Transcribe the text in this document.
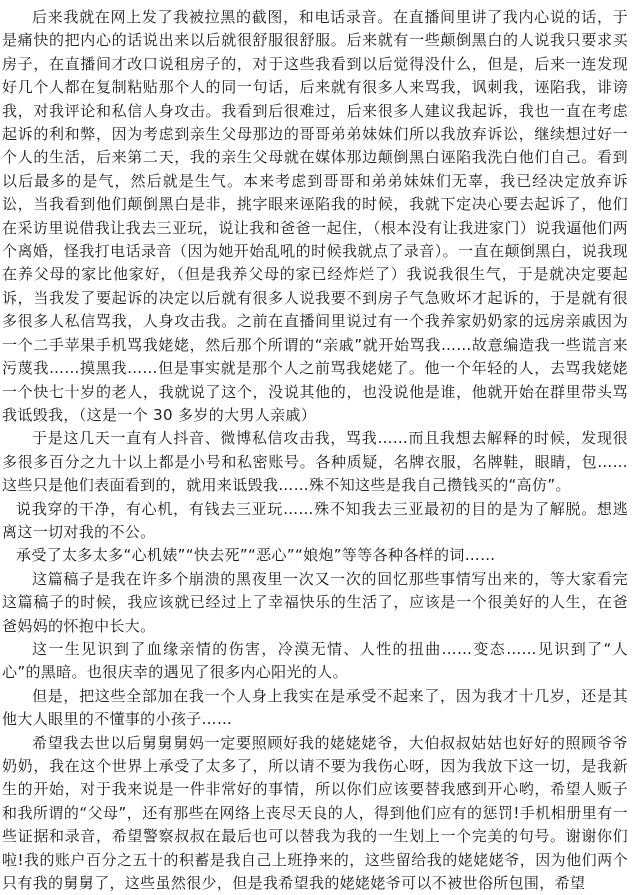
后来我就在网上发了我被拉黑的截图，和电话录音。在直播间里讲了我内心说的话，于是痛快的把内心的话说出来以后就很舒服很舒服。后来就有一些颠倒黑白的人说我只要求买房子，在直播间才改口说租房子的，对于这些我看到以后觉得没什么，但是，后来一连发现好几个人都在复制粘贴那个人的同一句话，后来就有很多人来骂我，讽刺我，诬陷我，诽谤我，对我评论和私信人身攻击。我看到后很难过，后来很多人建议我起诉，我也一直在考虑起诉的利和弊，因为考虑到亲生父母那边的哥哥弟弟妹妹们所以我放弃诉讼，继续想过好一个人的生活，后来第二天，我的亲生父母就在媒体那边颠倒黑白诬陷我洗白他们自己。看到以后最多的是气，然后就是生气。本来考虑到哥哥和弟弟妹妹们无辜，我已经决定放弃诉讼，当我看到他们颠倒黑白是非，挑字眼来诬陷我的时候，我就下定决心要去起诉了，他们在采访里说借我让我去三亚玩，说让我和爸爸一起住，（根本没有让我进家门）说我逼他们两个离婚，怪我打电话录音（因为她开始乱吼的时候我就点了录音）。一直在颠倒黑白，说我现在养父母的家比他家好，（但是我养父母的家已经炸烂了）我说我很生气，于是就决定要起诉，当我发了要起诉的决定以后就有很多人说我要不到房子气急败坏才起诉的，于是就有很多很多人私信骂我，人身攻击我。之前在直播间里说过有一个我养家奶奶家的远房亲戚因为一个二手苹果手机骂我姥姥，然后那个所谓的“亲戚”就开始骂我……故意编造我一些谎言来污蔑我……摸黑我……但是事实就是那个人之前骂我姥姥了。他一个年轻的人，去骂我姥姥一个快七十岁的老人，我就说了这个，没说其他的，也没说他是谁，他就开始在群里带头骂我诋毁我，（这是一个 30 多岁的大男人亲戚）

于是这几天一直有人抖音、微博私信攻击我，骂我……而且我想去解释的时候，发现很多很多百分之九十以上都是小号和私密账号。各种质疑，名牌衣服，名牌鞋，眼睛，包……这些只是他们表面看到的，就用来诋毁我……殊不知这些是我自己攒钱买的“高仿”。

说我穿的干净，有心机，有钱去三亚玩……殊不知我去三亚最初的目的是为了解脱。想逃离这一切对我的不公。

承受了太多太多“心机婊”“快去死”“恶心”“娘炮”等等各种各样的词……

这篇稿子是我在许多个崩溃的黑夜里一次又一次的回忆那些事情写出来的，等大家看完这篇稿子的时候，我应该就已经过上了幸福快乐的生活了，应该是一个很美好的人生，在爸爸妈妈的怀抱中长大。

这一生见识到了血缘亲情的伤害，冷漠无情、人性的扭曲……变态……见识到了“人心”的黑暗。也很庆幸的遇见了很多内心阳光的人。

但是，把这些全部加在我一个人身上我实在是承受不起来了，因为我才十几岁，还是其他大人眼里的不懂事的小孩子……

希望我去世以后舅舅舅妈一定要照顾好我的姥姥姥爷，大伯叔叔姑姑也好好的照顾爷爷奶奶，我在这个世界上承受了太多了，所以请不要为我伤心呀，因为我放下这一切，是我新生的开始，对于我来说是一件非常好的事情，所以你们应该要替我感到开心哟，希望人贩子和我所谓的“父母”，还有那些在网络上丧尽天良的人，得到他们应有的惩罚!手机相册里有一些证据和录音，希望警察叔叔在最后也可以替我为我的一生划上一个完美的句号。谢谢你们啦!我的账户百分之五十的积蓄是我自己上班挣来的，这些留给我的姥姥姥爷，因为他们两个只有我的舅舅了，这些虽然很少，但是我希望我的姥姥姥爷可以不被世俗所包围，希望
